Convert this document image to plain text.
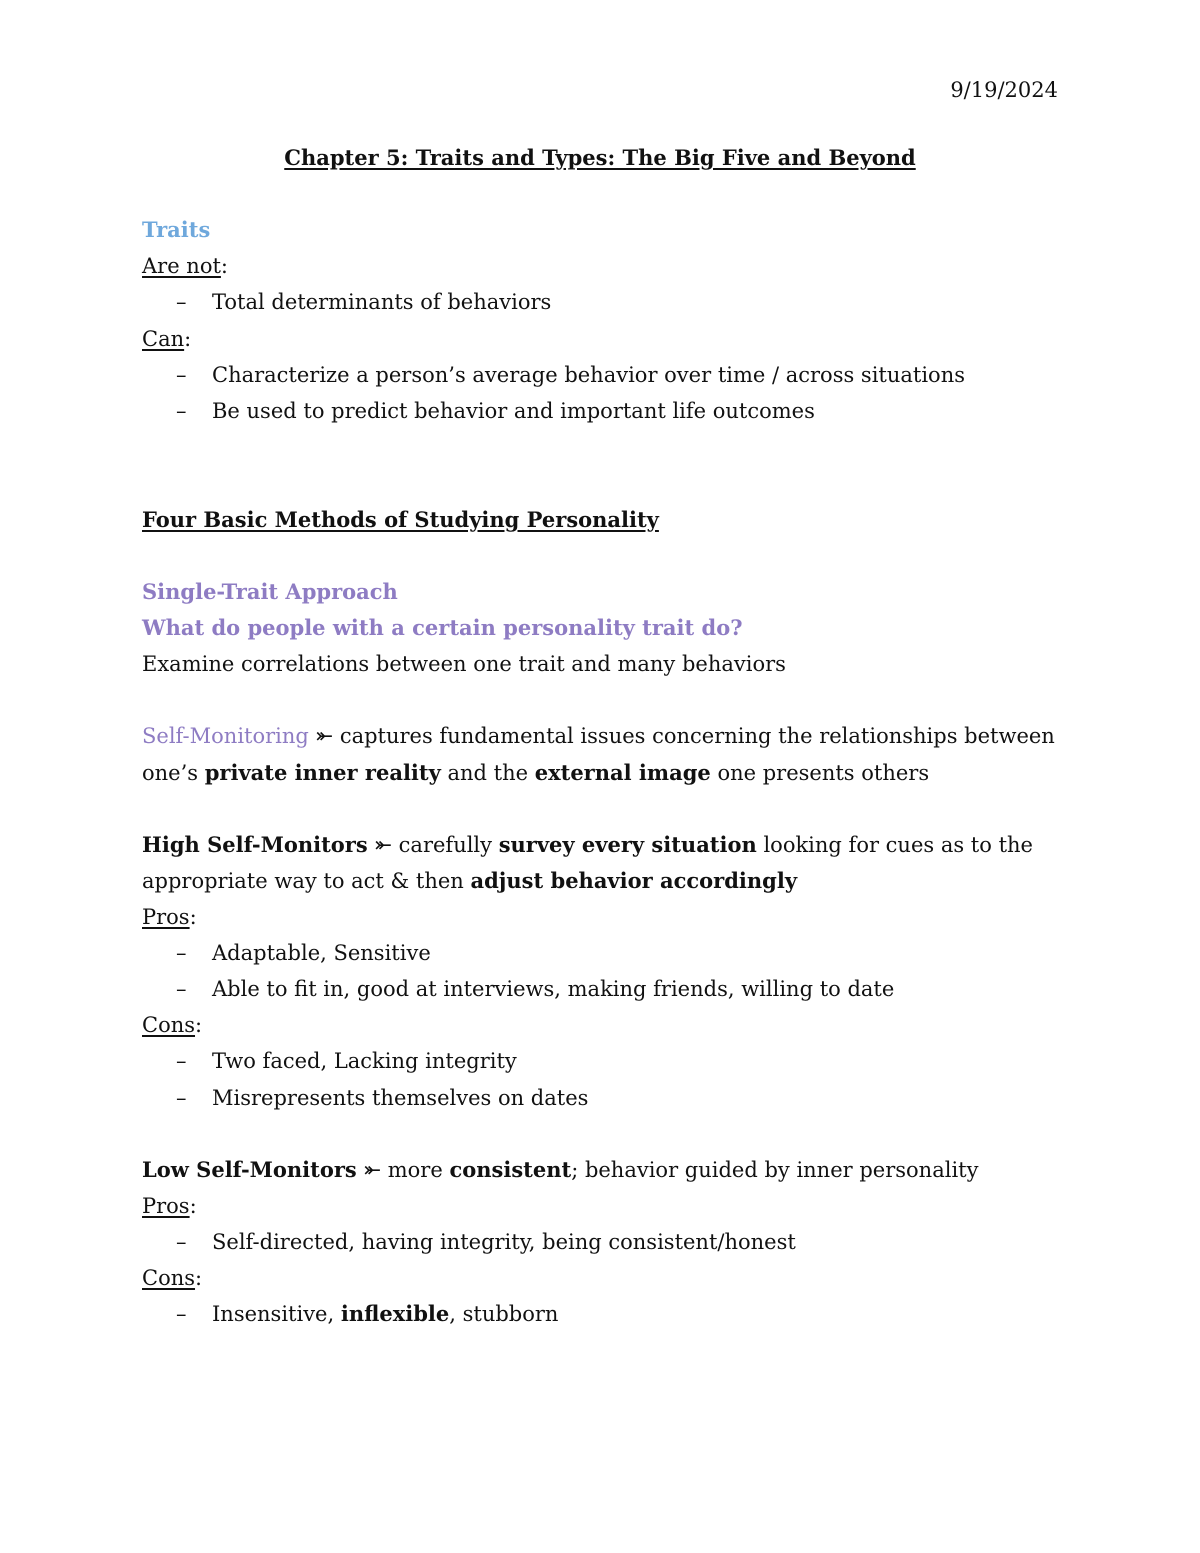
9/19/2024
Chapter 5: Traits and Types: The Big Five and Beyond
Traits
Are not:
– Total determinants of behaviors
Can:
– Characterize a person’s average behavior over time / across situations
– Be used to predict behavior and important life outcomes
Four Basic Methods of Studying Personality
Single-Trait Approach
What do people with a certain personality trait do?
Examine correlations between one trait and many behaviors
Self-Monitoring ⤜ captures fundamental issues concerning the relationships between
one’s private inner reality and the external image one presents others
High Self-Monitors ⤜ carefully survey every situation looking for cues as to the
appropriate way to act & then adjust behavior accordingly
Pros:
– Adaptable, Sensitive
– Able to fit in, good at interviews, making friends, willing to date
Cons:
– Two faced, Lacking integrity
– Misrepresents themselves on dates
Low Self-Monitors ⤜ more consistent; behavior guided by inner personality
Pros:
– Self-directed, having integrity, being consistent/honest
Cons:
– Insensitive, inflexible, stubborn
